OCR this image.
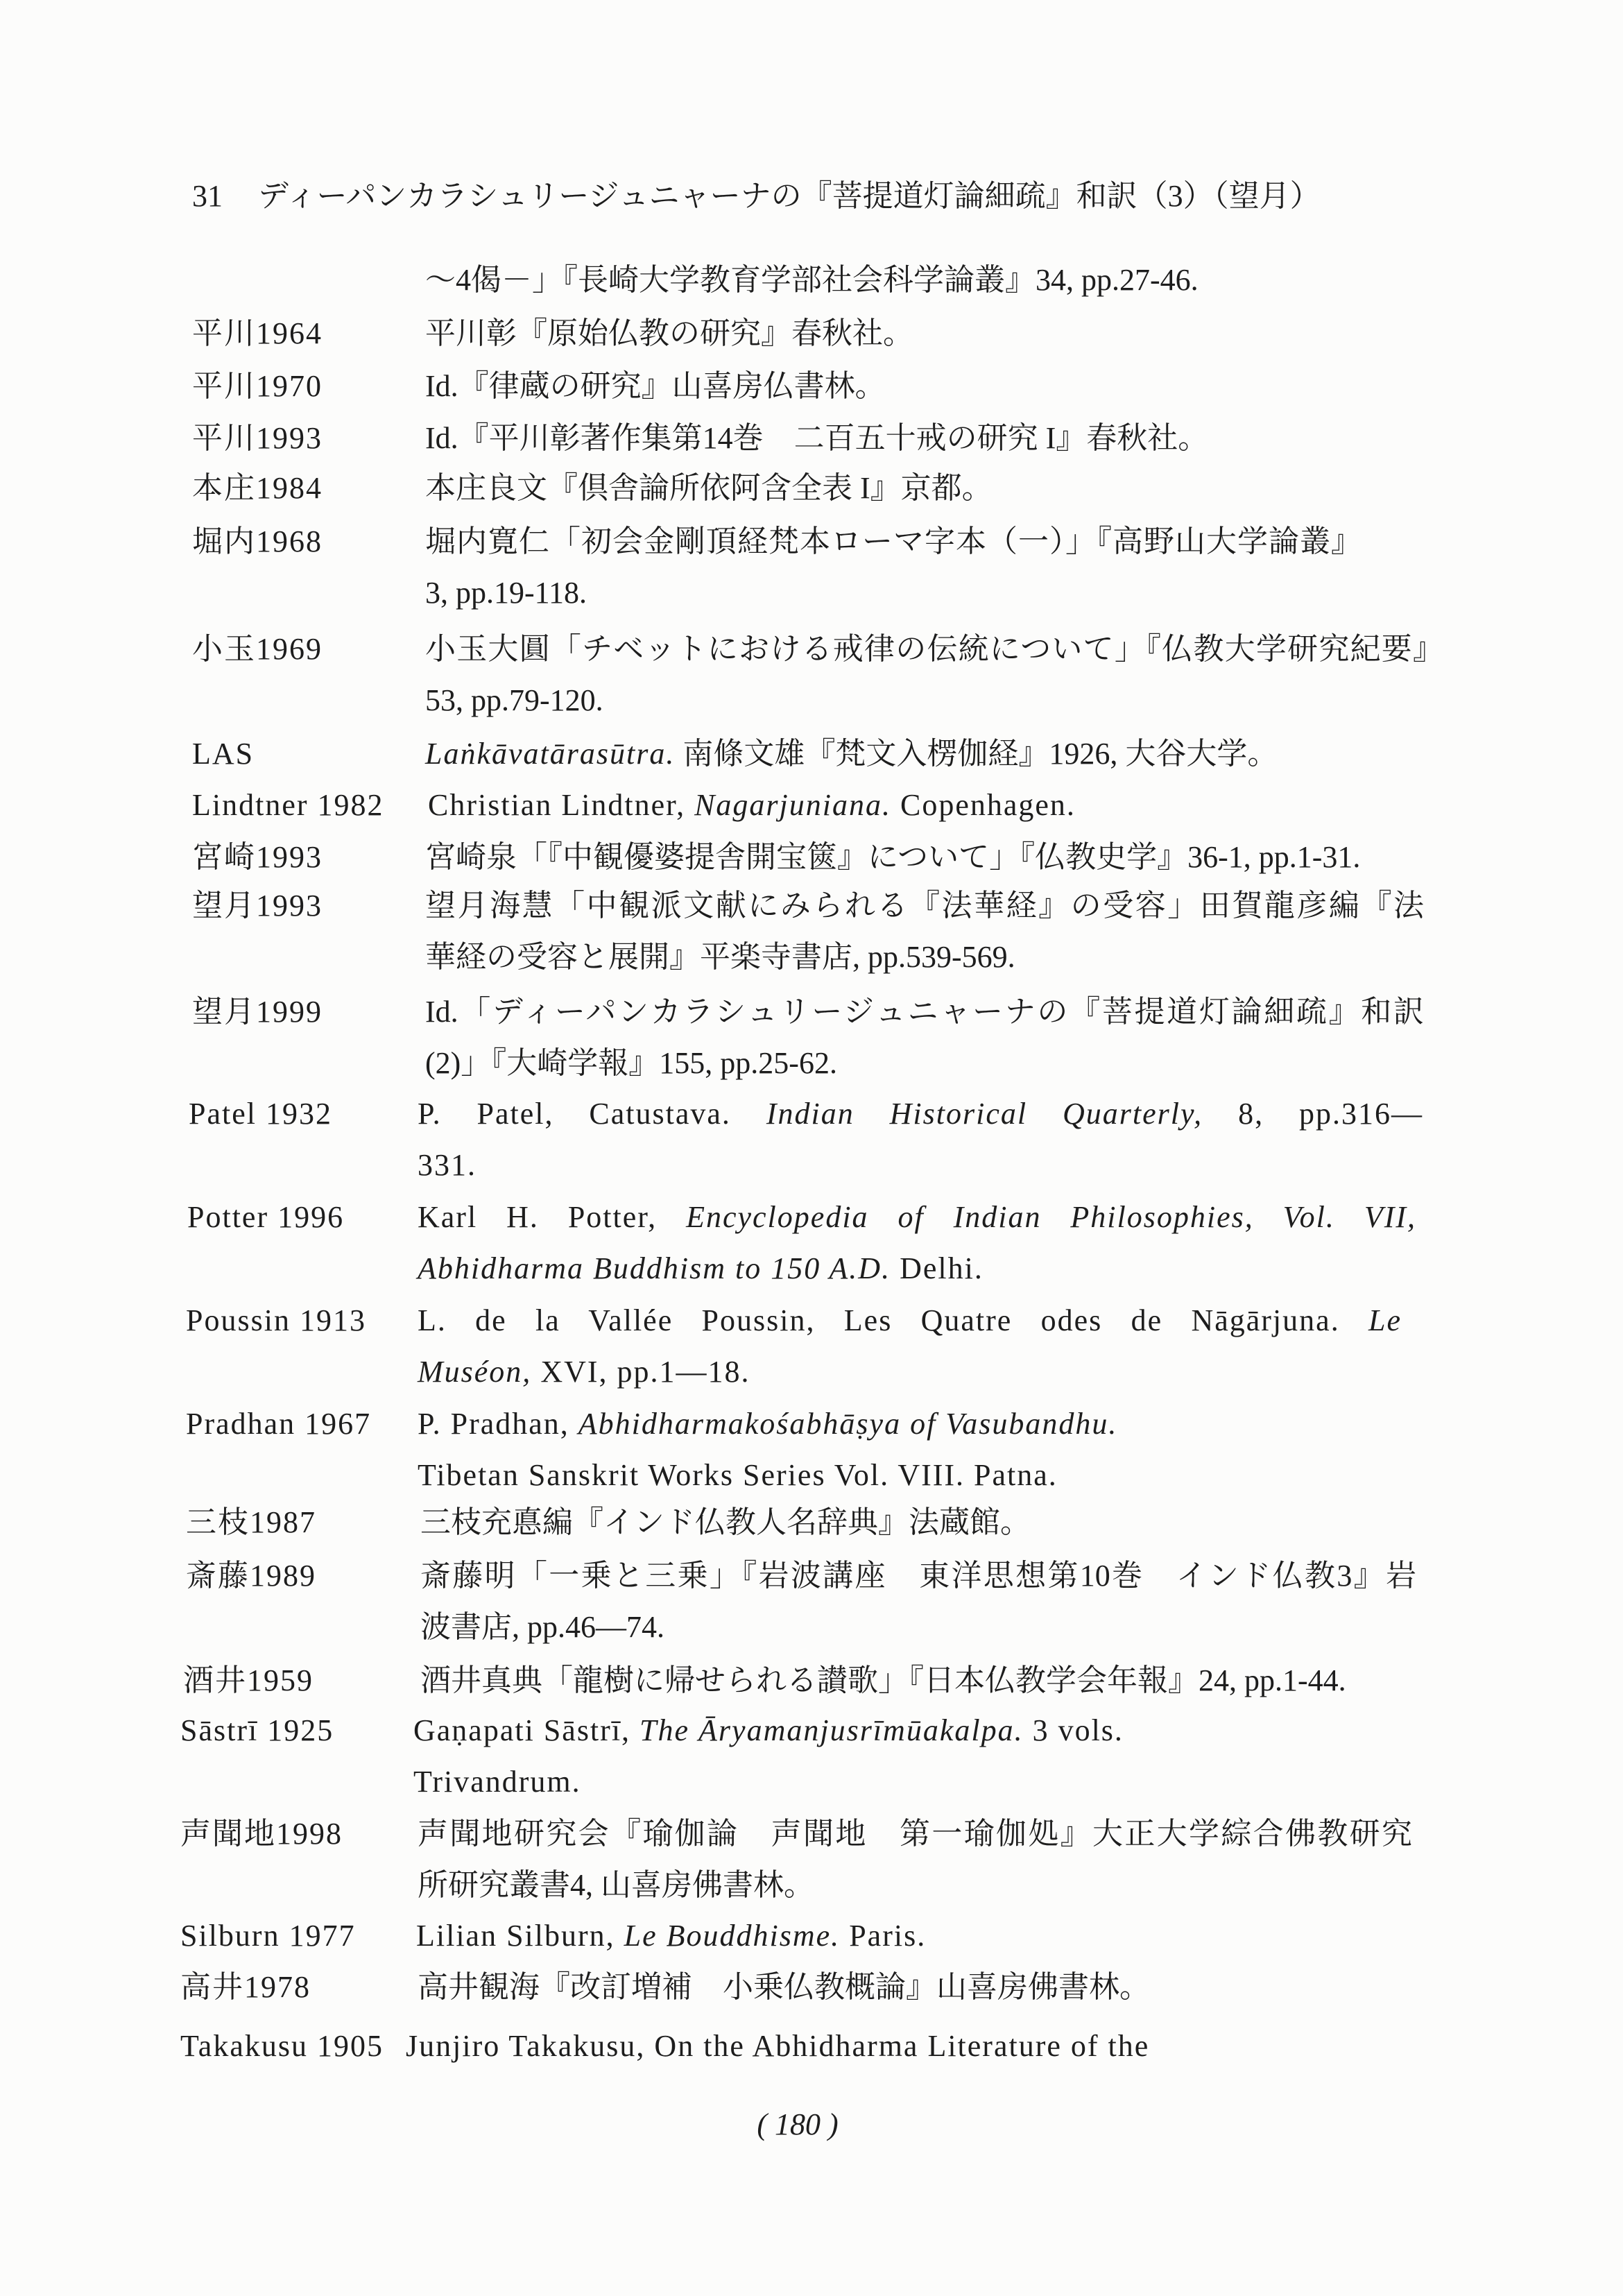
31 ディーパンカラシュリージュニャーナの『菩提道灯論細疏』和訳（3）（望月）
～4偈－」『長崎大学教育学部社会科学論叢』34, pp.27-46.
平川1964	平川彰『原始仏教の研究』春秋社。
平川1970	Id.『律蔵の研究』山喜房仏書林。
平川1993	Id.『平川彰著作集第14巻　二百五十戒の研究 I』春秋社。
本庄1984	本庄良文『倶舎論所依阿含全表 I』京都。
堀内1968	堀内寛仁「初会金剛頂経梵本ローマ字本（一）」『高野山大学論叢』
3, pp.19-118.
小玉1969	小玉大圓「チベットにおける戒律の伝統について」『仏教大学研究紀要』
53, pp.79-120.
LAS	Laṅkāvatārasūtra. 南條文雄『梵文入楞伽経』1926, 大谷大学。
Lindtner 1982 Christian Lindtner, Nagarjuniana. Copenhagen.
宮崎1993	宮崎泉「『中観優婆提舎開宝篋』について」『仏教史学』36-1, pp.1-31.
望月1993	望月海慧「中観派文献にみられる『法華経』の受容」田賀龍彦編『法
華経の受容と展開』平楽寺書店, pp.539-569.
望月1999	Id.「ディーパンカラシュリージュニャーナの『菩提道灯論細疏』和訳
(2)」『大崎学報』155, pp.25-62.
Patel 1932	P. Patel, Catustava. Indian Historical Quarterly, 8, pp.316—
331.
Potter 1996 Karl H. Potter, Encyclopedia of Indian Philosophies, Vol. VII,
Abhidharma Buddhism to 150 A.D. Delhi.
Poussin 1913 L. de la Vallée Poussin, Les Quatre odes de Nāgārjuna. Le
Muséon, XVI, pp.1—18.
Pradhan 1967 P. Pradhan, Abhidharmakośabhāṣya of Vasubandhu.
Tibetan Sanskrit Works Series Vol. VIII. Patna.
三枝1987	三枝充悳編『インド仏教人名辞典』法蔵館。
斎藤1989	斎藤明「一乗と三乗」『岩波講座　東洋思想第10巻　インド仏教3』岩
波書店, pp.46—74.
酒井1959	酒井真典「龍樹に帰せられる讃歌」『日本仏教学会年報』24, pp.1-44.
Sāstrī 1925	Gaṇapati Sāstrī, The Āryamanjusrīmūakalpa. 3 vols.
Trivandrum.
声聞地1998 声聞地研究会『瑜伽論　声聞地　第一瑜伽処』大正大学綜合佛教研究
所研究叢書4, 山喜房佛書林。
Silburn 1977 Lilian Silburn, Le Bouddhisme. Paris.
高井1978	高井観海『改訂増補　小乗仏教概論』山喜房佛書林。
Takakusu 1905 Junjiro Takakusu, On the Abhidharma Literature of the
( 180 )
